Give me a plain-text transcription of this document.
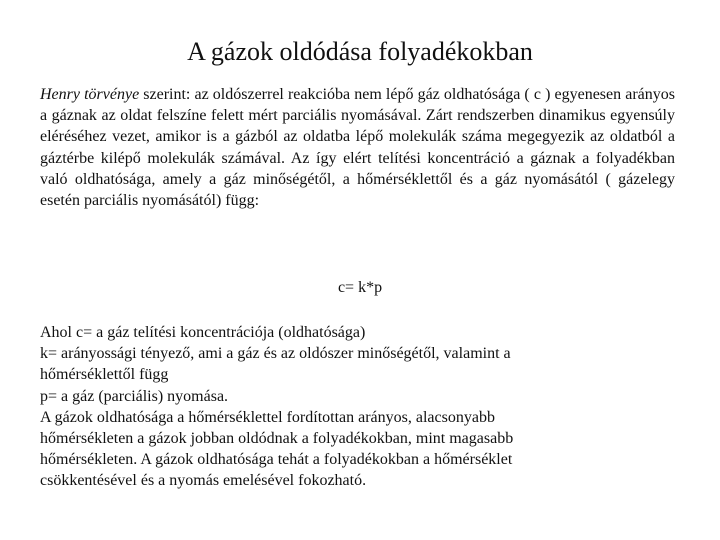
A gázok oldódása folyadékokban
Henry törvénye szerint: az oldószerrel reakcióba nem lépő gáz oldhatósága ( c ) egyenesen arányos a gáznak az oldat felszíne felett mért parciális nyomásával. Zárt rendszerben dinamikus egyensúly eléréséhez vezet, amikor is a gázból az oldatba lépő molekulák száma megegyezik az oldatból a gáztérbe kilépő molekulák számával. Az így elért telítési koncentráció a gáznak a folyadékban való oldhatósága, amely a gáz minőségétől, a hőmérséklettől és a gáz nyomásától ( gázelegy esetén parciális nyomásától) függ:
c= k*p
Ahol c= a gáz telítési koncentrációja (oldhatósága)
k= arányossági tényező, ami a gáz és az oldószer minőségétől, valamint a
hőmérséklettől függ
p= a gáz (parciális) nyomása.
A gázok oldhatósága a hőmérséklettel fordítottan arányos, alacsonyabb
hőmérsékleten a gázok jobban oldódnak a folyadékokban, mint magasabb
hőmérsékleten. A gázok oldhatósága tehát a folyadékokban a hőmérséklet
csökkentésével és a nyomás emelésével fokozható.
